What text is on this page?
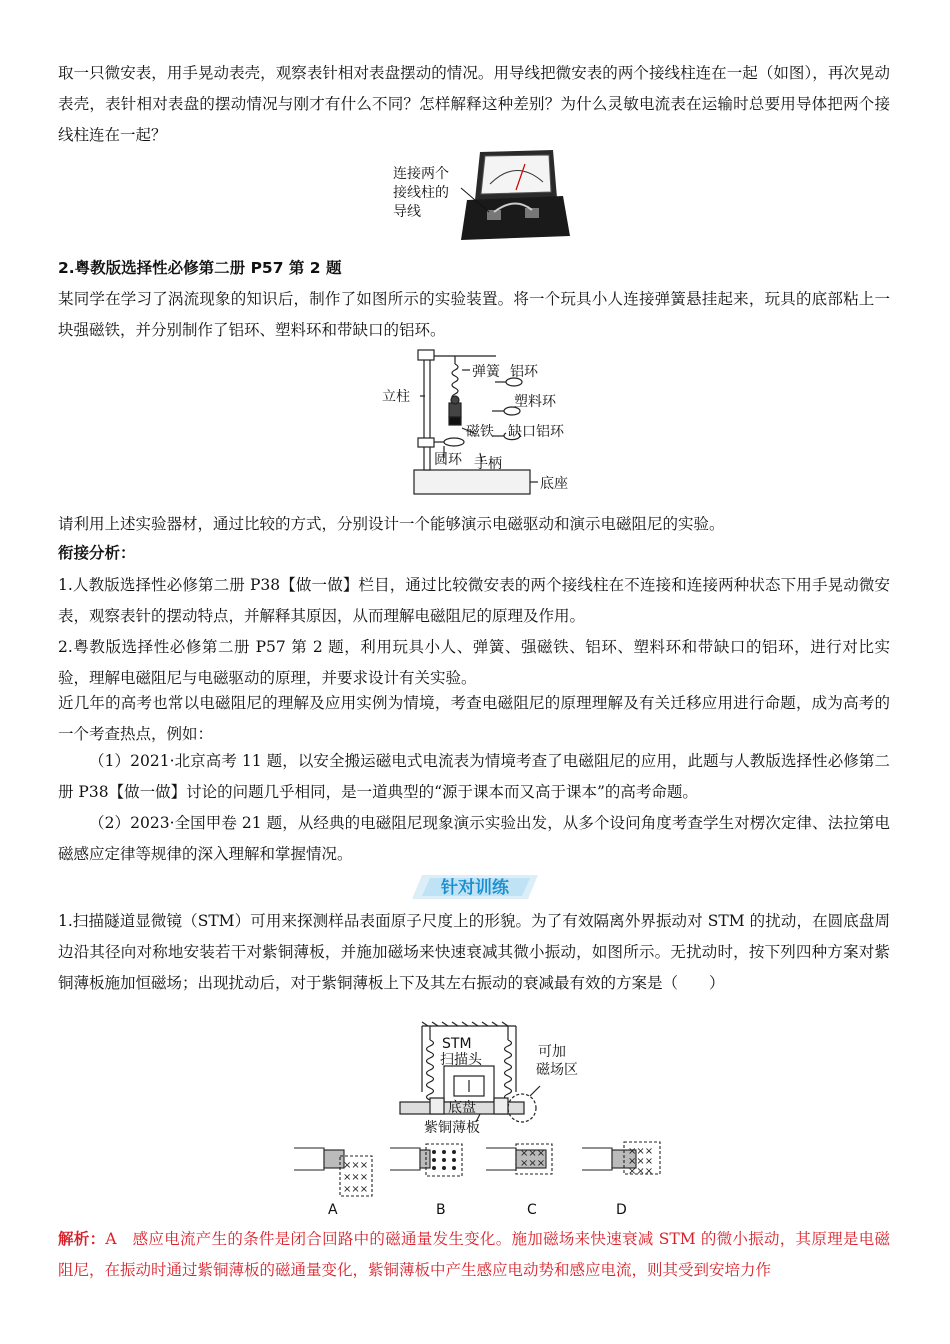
取一只微安表，用手晃动表壳，观察表针相对表盘摆动的情况。用导线把微安表的两个接线柱连在一起（如图），再次晃动表壳，表针相对表盘的摆动情况与刚才有什么不同？怎样解释这种差别？为什么灵敏电流表在运输时总要用导体把两个接线柱连在一起？

连接两个
接线柱的
导线

2.粤教版选择性必修第二册 P57 第 2 题

某同学在学习了涡流现象的知识后，制作了如图所示的实验装置。将一个玩具小人连接弹簧悬挂起来，玩具的底部粘上一块强磁铁，并分别制作了铝环、塑料环和带缺口的铝环。

弹簧 铝环
塑料环
立柱
磁铁 缺口铝环
圆环 手柄
底座

请利用上述实验器材，通过比较的方式，分别设计一个能够演示电磁驱动和演示电磁阻尼的实验。

衔接分析：

1.人教版选择性必修第二册 P38【做一做】栏目，通过比较微安表的两个接线柱在不连接和连接两种状态下用手晃动微安表，观察表针的摆动特点，并解释其原因，从而理解电磁阻尼的原理及作用。

2.粤教版选择性必修第二册 P57 第 2 题，利用玩具小人、弹簧、强磁铁、铝环、塑料环和带缺口的铝环，进行对比实验，理解电磁阻尼与电磁驱动的原理，并要求设计有关实验。

近几年的高考也常以电磁阻尼的理解及应用实例为情境，考查电磁阻尼的原理理解及有关迁移应用进行命题，成为高考的一个考查热点，例如：

（1）2021·北京高考 11 题，以安全搬运磁电式电流表为情境考查了电磁阻尼的应用，此题与人教版选择性必修第二册 P38【做一做】讨论的问题几乎相同，是一道典型的“源于课本而又高于课本”的高考命题。

（2）2023·全国甲卷 21 题，从经典的电磁阻尼现象演示实验出发，从多个设问角度考查学生对楞次定律、法拉第电磁感应定律等规律的深入理解和掌握情况。

针对训练

1.扫描隧道显微镜（STM）可用来探测样品表面原子尺度上的形貌。为了有效隔离外界振动对 STM 的扰动，在圆底盘周边沿其径向对称地安装若干对紫铜薄板，并施加磁场来快速衰减其微小振动，如图所示。无扰动时，按下列四种方案对紫铜薄板施加恒磁场；出现扰动后，对于紫铜薄板上下及其左右振动的衰减最有效的方案是（　　）

STM
扫描头	可加
磁场区
底盘
紫铜薄板
×××
×××
×××
×××
×××
×××
×××
×××
A	B	C	D

解析：A　感应电流产生的条件是闭合回路中的磁通量发生变化。施加磁场来快速衰减 STM 的微小振动，其原理是电磁阻尼，在振动时通过紫铜薄板的磁通量变化，紫铜薄板中产生感应电动势和感应电流，则其受到安培力作
